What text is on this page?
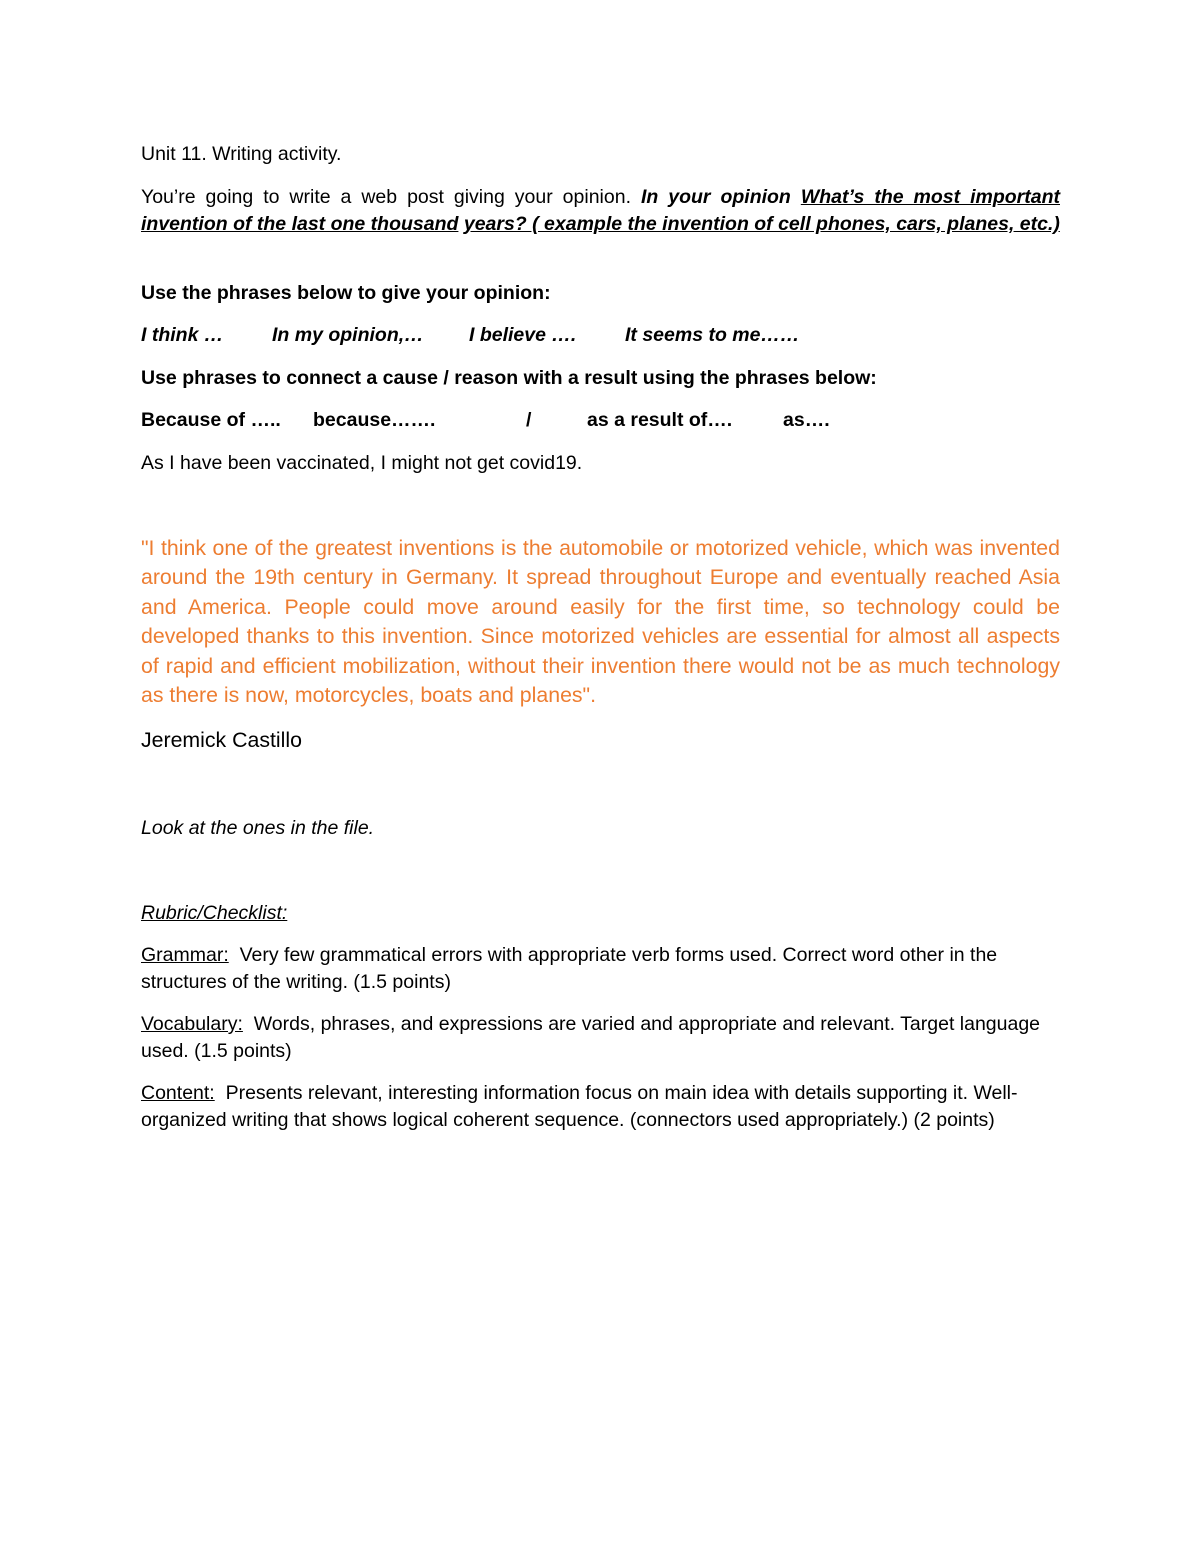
Unit 11. Writing activity.

You’re going to write a web post giving your opinion. In your opinion What’s the most important invention of the last one thousand years? ( example the invention of cell phones, cars, planes, etc.)

Use the phrases below to give your opinion:

I think …	In my opinion,…	I believe ….	It seems to me……

Use phrases to connect a cause / reason with a result using the phrases below:

Because of …..	because…….	/	as a result of….	as….

As I have been vaccinated, I might not get covid19.

"I think one of the greatest inventions is the automobile or motorized vehicle, which was invented around the 19th century in Germany. It spread throughout Europe and eventually reached Asia and America. People could move around easily for the first time, so technology could be developed thanks to this invention. Since motorized vehicles are essential for almost all aspects of rapid and efficient mobilization, without their invention there would not be as much technology as there is now, motorcycles, boats and planes".

Jeremick Castillo

Look at the ones in the file.

Rubric/Checklist:

Grammar: Very few grammatical errors with appropriate verb forms used. Correct word other in the structures of the writing. (1.5 points)

Vocabulary: Words, phrases, and expressions are varied and appropriate and relevant. Target language used. (1.5 points)

Content: Presents relevant, interesting information focus on main idea with details supporting it. Well-organized writing that shows logical coherent sequence. (connectors used appropriately.) (2 points)
